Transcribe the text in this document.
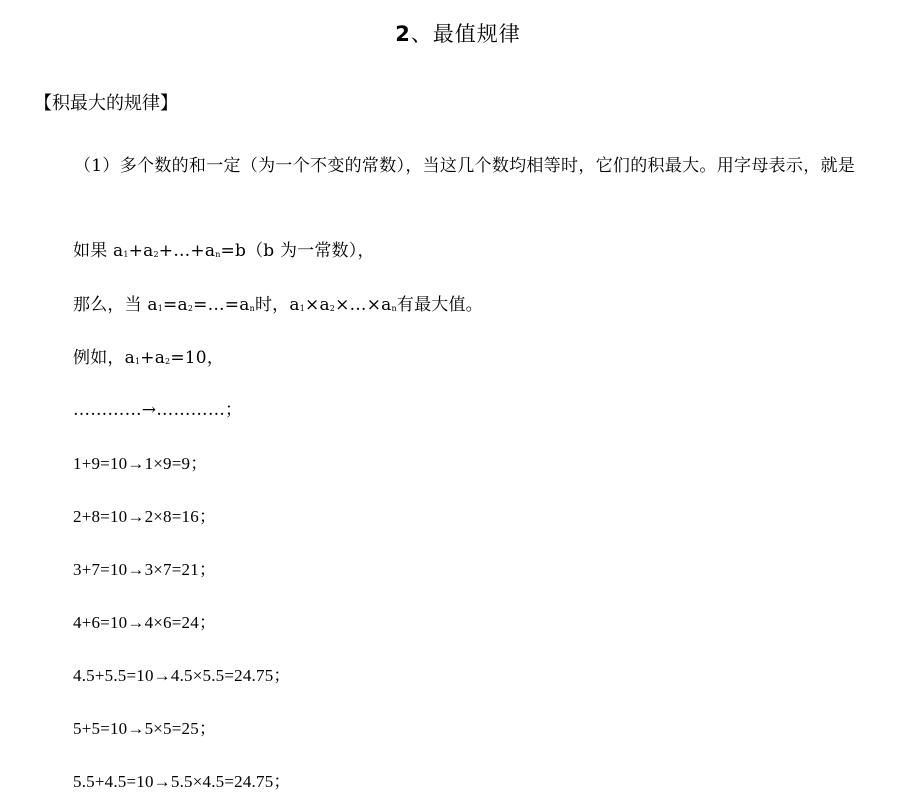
2、最值规律
【积最大的规律】
（1）多个数的和一定（为一个不变的常数），当这几个数均相等时，它们的积最大。用字母表示，就是
如果 a1+a2+…+an=b（b 为一常数），
那么，当 a1=a2=…=an时，a1×a2×…×an有最大值。
例如，a1+a2=10，
…………→…………；
1+9=10→1×9=9；
2+8=10→2×8=16；
3+7=10→3×7=21；
4+6=10→4×6=24；
4.5+5.5=10→4.5×5.5=24.75；
5+5=10→5×5=25；
5.5+4.5=10→5.5×4.5=24.75；
